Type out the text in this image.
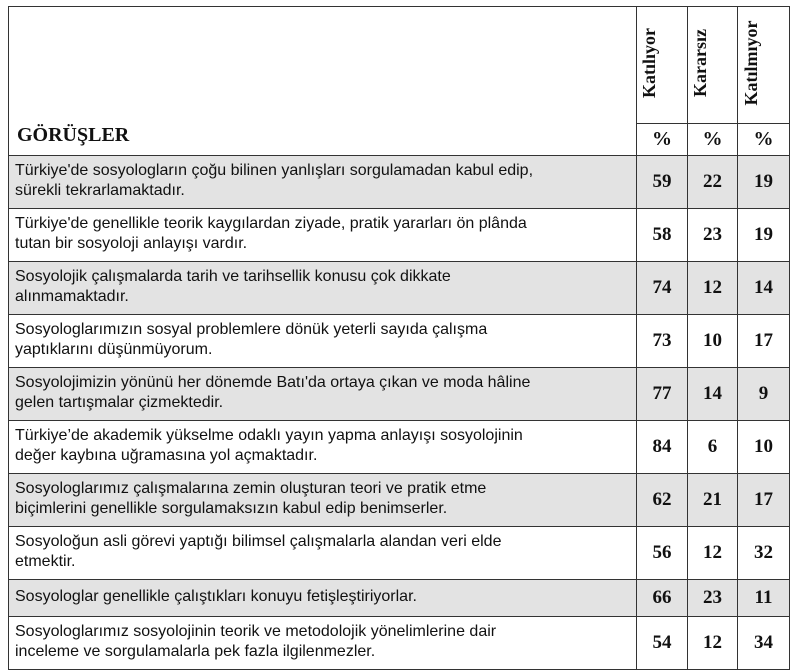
GÖRÜŞLER	Katılıyor	Kararsız	Katılmıyor

	%	%	%
Türkiye'de sosyologların çoğu bilinen yanlışları sorgulamadan kabul edip,
sürekli tekrarlamaktadır.	59	22	19
Türkiye'de genellikle teorik kaygılardan ziyade, pratik yararları ön plânda
tutan bir sosyoloji anlayışı vardır.	58	23	19
Sosyolojik çalışmalarda tarih ve tarihsellik konusu çok dikkate
alınmamaktadır.	74	12	14
Sosyologlarımızın sosyal problemlere dönük yeterli sayıda çalışma
yaptıklarını düşünmüyorum.	73	10	17
Sosyolojimizin yönünü her dönemde Batı'da ortaya çıkan ve moda hâline
gelen tartışmalar çizmektedir.	77	14	9
Türkiye’de akademik yükselme odaklı yayın yapma anlayışı sosyolojinin
değer kaybına uğramasına yol açmaktadır.	84	6	10
Sosyologlarımız çalışmalarına zemin oluşturan teori ve pratik etme
biçimlerini genellikle sorgulamaksızın kabul edip benimserler.	62	21	17
Sosyoloğun asli görevi yaptığı bilimsel çalışmalarla alandan veri elde
etmektir.	56	12	32
Sosyologlar genellikle çalıştıkları konuyu fetişleştiriyorlar.	66	23	11
Sosyologlarımız sosyolojinin teorik ve metodolojik yönelimlerine dair
inceleme ve sorgulamalarla pek fazla ilgilenmezler.	54	12	34
